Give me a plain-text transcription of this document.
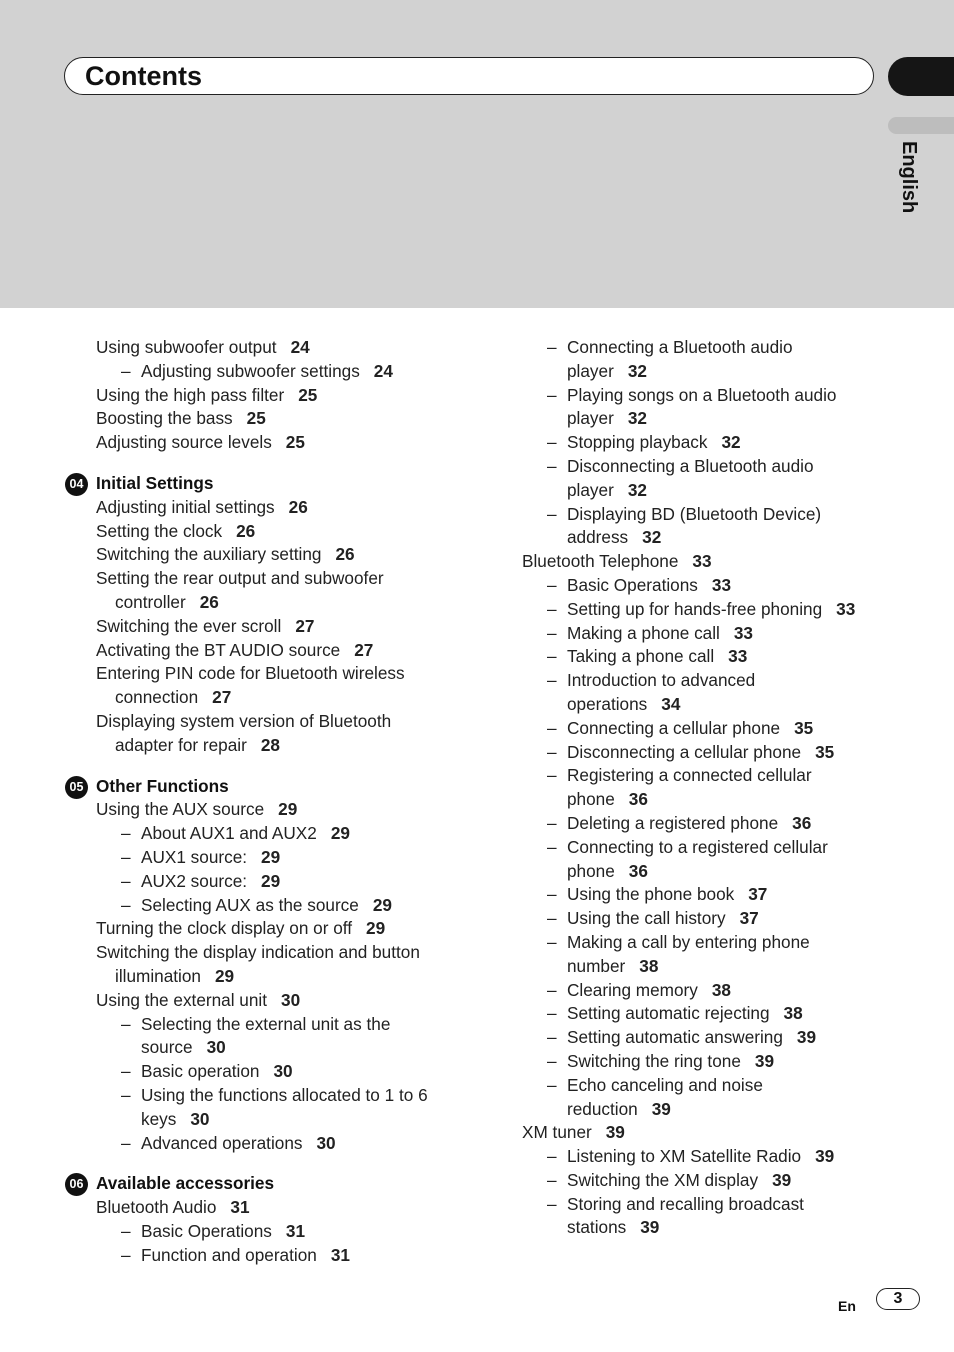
Contents
English
Using subwoofer output 24
– Adjusting subwoofer settings 24
Using the high pass filter 25
Boosting the bass 25
Adjusting source levels 25
04 Initial Settings
Adjusting initial settings 26
Setting the clock 26
Switching the auxiliary setting 26
Setting the rear output and subwoofer
controller 26
Switching the ever scroll 27
Activating the BT AUDIO source 27
Entering PIN code for Bluetooth wireless
connection 27
Displaying system version of Bluetooth
adapter for repair 28
05 Other Functions
Using the AUX source 29
– About AUX1 and AUX2 29
– AUX1 source: 29
– AUX2 source: 29
– Selecting AUX as the source 29
Turning the clock display on or off 29
Switching the display indication and button
illumination 29
Using the external unit 30
– Selecting the external unit as the
source 30
– Basic operation 30
– Using the functions allocated to 1 to 6
keys 30
– Advanced operations 30
06 Available accessories
Bluetooth Audio 31
– Basic Operations 31
– Function and operation 31
– Connecting a Bluetooth audio
player 32
– Playing songs on a Bluetooth audio
player 32
– Stopping playback 32
– Disconnecting a Bluetooth audio
player 32
– Displaying BD (Bluetooth Device)
address 32
Bluetooth Telephone 33
– Basic Operations 33
– Setting up for hands-free phoning 33
– Making a phone call 33
– Taking a phone call 33
– Introduction to advanced
operations 34
– Connecting a cellular phone 35
– Disconnecting a cellular phone 35
– Registering a connected cellular
phone 36
– Deleting a registered phone 36
– Connecting to a registered cellular
phone 36
– Using the phone book 37
– Using the call history 37
– Making a call by entering phone
number 38
– Clearing memory 38
– Setting automatic rejecting 38
– Setting automatic answering 39
– Switching the ring tone 39
– Echo canceling and noise
reduction 39
XM tuner 39
– Listening to XM Satellite Radio 39
– Switching the XM display 39
– Storing and recalling broadcast
stations 39
En	3
